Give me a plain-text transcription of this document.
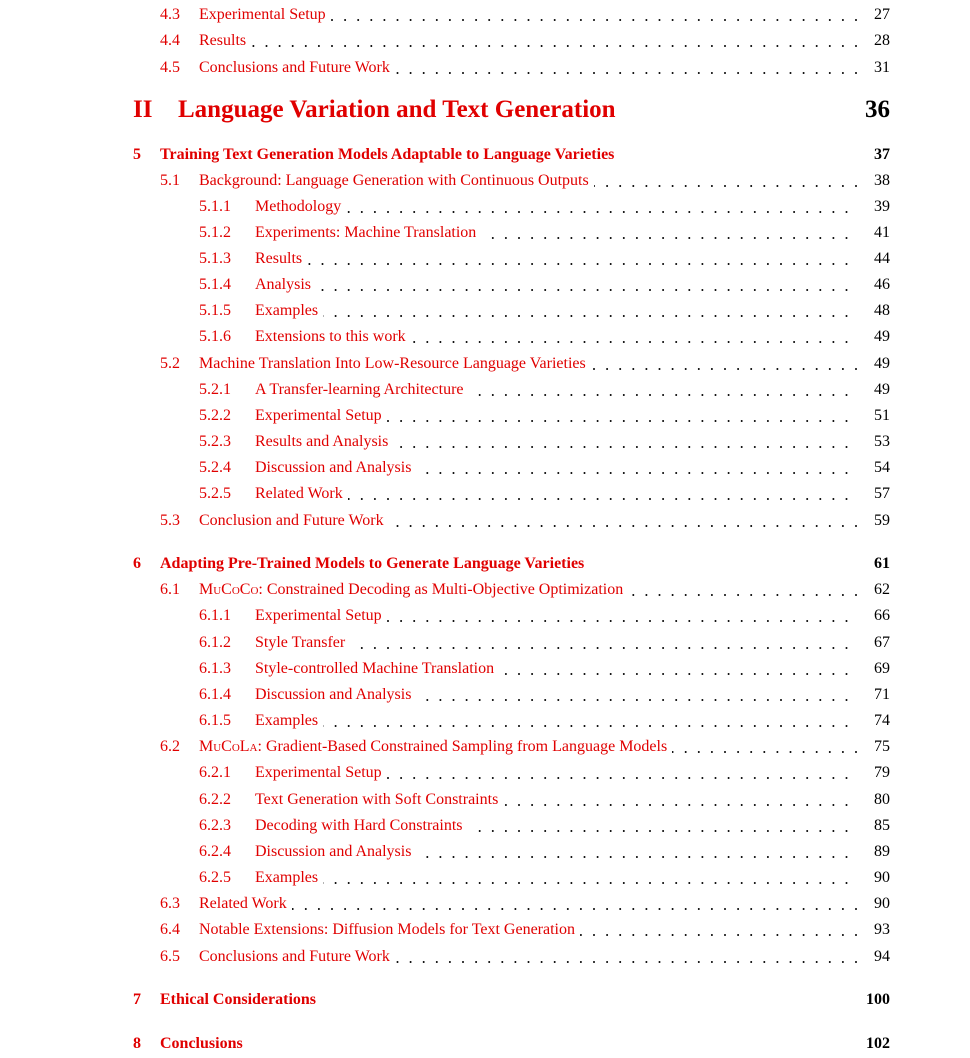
4.3 Experimental Setup	27
4.4 Results	28
4.5 Conclusions and Future Work	31
II Language Variation and Text Generation	36
5 Training Text Generation Models Adaptable to Language Varieties	37
5.1 Background: Language Generation with Continuous Outputs	38
5.1.1 Methodology	39
5.1.2 Experiments: Machine Translation	41
5.1.3 Results	44
5.1.4 Analysis	46
5.1.5 Examples	48
5.1.6 Extensions to this work	49
5.2 Machine Translation Into Low-Resource Language Varieties	49
5.2.1 A Transfer-learning Architecture	49
5.2.2 Experimental Setup	51
5.2.3 Results and Analysis	53
5.2.4 Discussion and Analysis	54
5.2.5 Related Work	57
5.3 Conclusion and Future Work	59
6 Adapting Pre-Trained Models to Generate Language Varieties	61
6.1 MuCoCo: Constrained Decoding as Multi-Objective Optimization	62
6.1.1 Experimental Setup	66
6.1.2 Style Transfer	67
6.1.3 Style-controlled Machine Translation	69
6.1.4 Discussion and Analysis	71
6.1.5 Examples	74
6.2 MuCoLa: Gradient-Based Constrained Sampling from Language Models	75
6.2.1 Experimental Setup	79
6.2.2 Text Generation with Soft Constraints	80
6.2.3 Decoding with Hard Constraints	85
6.2.4 Discussion and Analysis	89
6.2.5 Examples	90
6.3 Related Work	90
6.4 Notable Extensions: Diffusion Models for Text Generation	93
6.5 Conclusions and Future Work	94
7 Ethical Considerations	100
8 Conclusions	102
